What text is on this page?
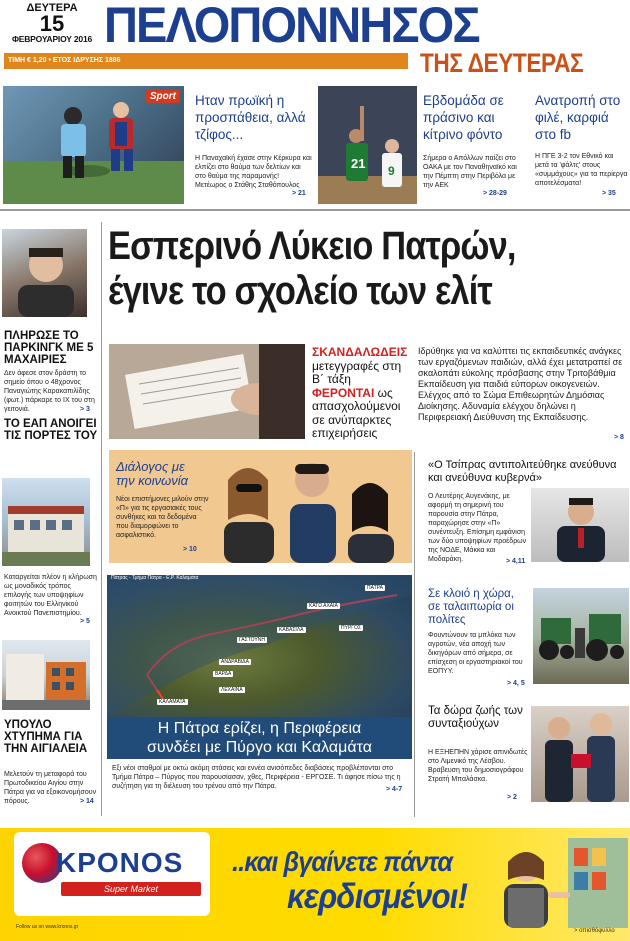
ΔΕΥΤΕΡΑ
15
ΦΕΒΡΟΥΑΡΙΟΥ 2016 ΠΕΛΟΠΟΝΝΗΣΟΣ
ΤΙΜΗ € 1,20 • ΕΤΟΣ ΙΔΡΥΣΗΣ 1886	ΤΗΣ ΔΕΥΤΕΡΑΣ
Sport Ηταν πρωϊκή η προσπάθεια, αλλά τζίφος...
Η Παναχαϊκή έχασε στην Κέρκυρα και ελπίζει στο θαύμα των δελτίων και στο θαύμα της παραμονής! Μετέωρος ο Στάθης Σταθόπουλος
> 21
21 9
Εβδομάδα σε πράσινο και κίτρινο φόντο
Σήμερα ο Απόλλων παίζει στο ΟΑΚΑ με τον Παναθηναϊκό και την Πέμπτη στην Περιβόλα με την ΑΕΚ
> 28-29
Ανατροπή στο φιλέ, καρφιά στο fb
Η ΠΓΕ 3-2 τον Εθνικό και μετά τα 'φάλτς' στους «συμμάχους» για τα περίεργα αποτελέσματα!
> 35
ΠΛΗΡΩΣΕ ΤΟ ΠΑΡΚΙΝΓΚ ΜΕ 5 ΜΑΧΑΙΡΙΕΣ
Δεν άφεσε στον δράστη το σημείο όπου ο 48χρονος Παναγιώτης Καρακαπιλίδης (φωτ.) πάρκαρε το ΙΧ του στη γειτονιά.	> 3
ΤΟ ΕΑΠ ΑΝΟΙΓΕΙ ΤΙΣ ΠΟΡΤΕΣ ΤΟΥ
Καταργείται πλέον η κλήρωση ως μοναδικός τρόπος επιλογής των υποψηφίων φοιτητών του Ελληνικού Ανοικτού Πανεπιστημίου.
> 5
ΥΠΟΥΛΟ ΧΤΥΠΗΜΑ ΓΙΑ ΤΗΝ ΑΙΓΙΑΛΕΙΑ
Μελετούν τη μεταφορά του Πρωτοδικείου Αιγίου στην Πάτρα για να εξοικονομήσουν πόρους.	> 14
Εσπερινό Λύκειο Πατρών,
έγινε το σχολείο των ελίτ
ΣΚΑΝΔΑΛΩΔΕΙΣ μετεγγραφές στη Β΄ τάξη ΦΕΡΟΝΤΑΙ ως απασχολούμενοι σε ανύπαρκτες επιχειρήσεις
Ιδρύθηκε για να καλύπτει τις εκπαιδευτικές ανάγκες των εργαζόμενων παιδιών, αλλά έχει μετατραπεί σε σκαλοπάτι εύκολης πρόσβασης στην Τριτοβάθμια Εκπαίδευση για παιδιά εύπορων οικογενειών. Ελέγχος από το Σώμα Επιθεωρητών Δημόσιας Διοίκησης. Αδυναμία ελέγχου δηλώνει η Περιφερειακή Διεύθυνση της Εκπαίδευσης.
> 8
Διάλογος με την κοινωνία
Νέοι επιστήμονες μιλούν στην «Π» για τις εργασιακές τους συνθήκες και τα δεδομένα που διαμορφώνει το ασφαλιστικό.
> 10
Πάτρας - Τμήμα Πάτρα - Ε.Ρ. Καλαμάτα
ΠΑΤΡΑ
ΚΑΤΩ ΑΧΑΪΑ
ΚΑΒΑΣΙΛΑ	ΠΥΡΓΟΣ
ΓΑΣΤΟΥΝΗ
ΑΝΔΡΑΒΙΔΑ
ΒΑΡΔΑ
ΛΕΧΑΙΝΑ
ΚΑΛΑΜΑΤΑ
Η Πάτρα ερίζει, η Περιφέρεια
συνδέει με Πύργο και Καλαμάτα
Εξι νέοι σταθμοί με οκτώ ακόμη στάσεις και εννέα ανισόπεδες διαβάσεις προβλέπονται στο Τμήμα Πάτρα – Πύργος που παρουσίασαν, χθες, Περιφέρεια - ΕΡΓΟΣΕ. Τι άφησε πίσω της η συζήτηση για τη διέλευση του τρένου από την Πάτρα.	> 4-7
«Ο Τσίπρας αντιπολιτεύθηκε ανεύθυνα και ανεύθυνα κυβερνά»
Ο Λευτέρης Αυγενάκης, με αφορμή τη σημερινή του παρουσία στην Πάτρα, παραχώρησε στην «Π» συνέντευξη. Επίσημη εμφάνιση των δύο υποψηφίων προέδρων της ΝΟΔΕ, Μάκκα και Μοδαράκη.	> 4,11
Σε κλοιό η χώρα, σε ταλαιπωρία οι πολίτες
Φουντώνουν τα μπλόκα των αγροτών, νέα αποχή των δικηγόρων από σήμερα, σε επίσχεση οι εργαστηριακοί του ΕΟΠΥΥ.
> 4, 5
Τα δώρα ζωής των συνταξιούχων
Η ΕΞΗΕΠΗΝ χάρισε απινιδωτές στο Λιμενικό της Λέσβου. Βραβευση του δημοσιογράφου Στρατή Μπαλάσκα.
> 2
KPONOS
Super Market
Follow us on www.kronos.gr
..και βγαίνετε πάντα
κερδισμένοι!
> οπισθόφυλλο
